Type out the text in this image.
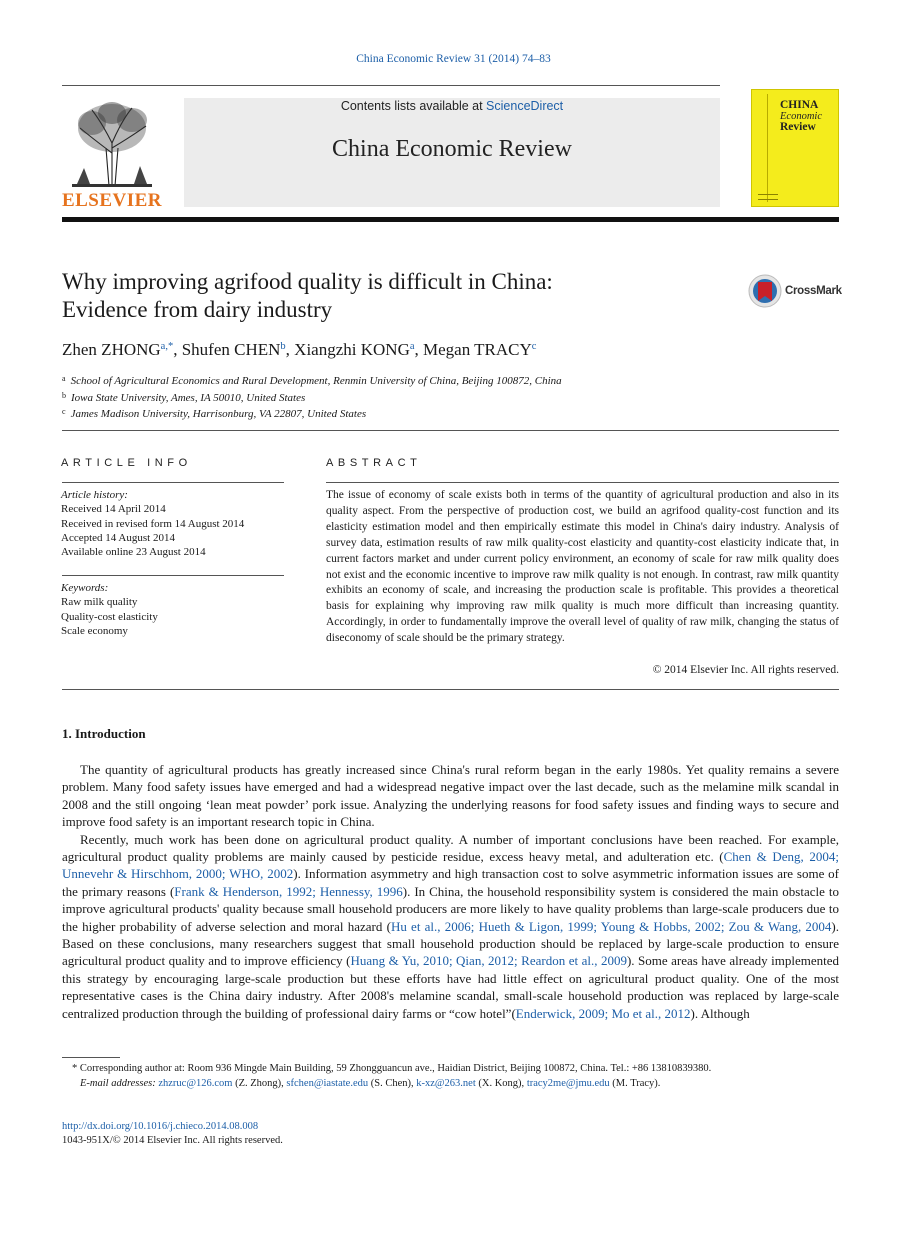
China Economic Review 31 (2014) 74–83
ELSEVIER
Contents lists available at ScienceDirect
China Economic Review
CHINA
Economic
Review
Why improving agrifood quality is difficult in China:
Evidence from dairy industry
CrossMark
Zhen $ZHONG^{a,*}$, Shufen CHEN$^b$, Xiangzhi KONG$^a$, Megan TRACY$^c$
$^a$ School of Agricultural Economics and Rural Development, Renmin University of China, Beijing 100872, China
$^b$ Iowa State University, Ames, IA 50010, United States
$^c$ James Madison University, Harrisonburg, VA 22807, United States
ARTICLE INFO
Article history:
Received 14 April 2014
Received in revised form 14 August 2014
Accepted 14 August 2014
Available online 23 August 2014
Keywords:
Raw milk quality
Quality-cost elasticity
Scale economy
ABSTRACT
The issue of economy of scale exists both in terms of the quantity of agricultural production and also in its quality aspect. From the perspective of production cost, we build an agrifood quality-cost function and its elasticity estimation model and then empirically estimate this model in China's dairy industry. Analysis of survey data, estimation results of raw milk quality-cost elasticity and quantity-cost elasticity indicate that, in current factors market and under current policy environment, an economy of scale for raw milk quality does not exist and the economic incentive to improve raw milk quality is not enough. In contrast, raw milk quantity exhibits an economy of scale, and increasing the production scale is profitable. This provides a theoretical basis for explaining why improving raw milk quality is much more difficult than increasing quantity. Accordingly, in order to fundamentally improve the overall level of quality of raw milk, changing the status of diseconomy of scale should be the primary strategy.
© 2014 Elsevier Inc. All rights reserved.
1. Introduction

The quantity of agricultural products has greatly increased since China's rural reform began in the early 1980s. Yet quality remains a severe problem. Many food safety issues have emerged and had a widespread negative impact over the last decade, such as the melamine milk scandal in 2008 and the still ongoing ‘lean meat powder’ pork issue. Analyzing the underlying reasons for food safety issues and finding ways to secure and improve food safety is an important research topic in China.

Recently, much work has been done on agricultural product quality. A number of important conclusions have been reached. For example, agricultural product quality problems are mainly caused by pesticide residue, excess heavy metal, and adulteration etc. (Chen & Deng, 2004; Unnevehr & Hirschhom, 2000; WHO, 2002). Information asymmetry and high transaction cost to solve asymmetric information issues are some of the primary reasons (Frank & Henderson, 1992; Hennessy, 1996). In China, the household responsibility system is considered the main obstacle to improve agricultural products' quality because small household producers are more likely to have quality problems than large-scale producers due to the higher probability of adverse selection and moral hazard (Hu et al., 2006; Hueth & Ligon, 1999; Young & Hobbs, 2002; Zou & Wang, 2004). Based on these conclusions, many researchers suggest that small household production should be replaced by large-scale production to ensure agricultural product quality and to improve efficiency (Huang & Yu, 2010; Qian, 2012; Reardon et al., 2009). Some areas have already implemented this strategy by encouraging large-scale production but these efforts have had little effect on agricultural product quality. One of the most representative cases is the China dairy industry. After 2008's melamine scandal, small-scale household production was replaced by large-scale centralized production through the building of professional dairy farms or “cow hotel”(Enderwick, 2009; Mo et al., 2012). Although

* Corresponding author at: Room 936 Mingde Main Building, 59 Zhongguancun ave., Haidian District, Beijing 100872, China. Tel.: +86 13810839380.
E-mail addresses: zhzruc@126.com (Z. Zhong), sfchen@iastate.edu (S. Chen), k-xz@263.net (X. Kong), tracy2me@jmu.edu (M. Tracy).
http://dx.doi.org/10.1016/j.chieco.2014.08.008
1043-951X/© 2014 Elsevier Inc. All rights reserved.
